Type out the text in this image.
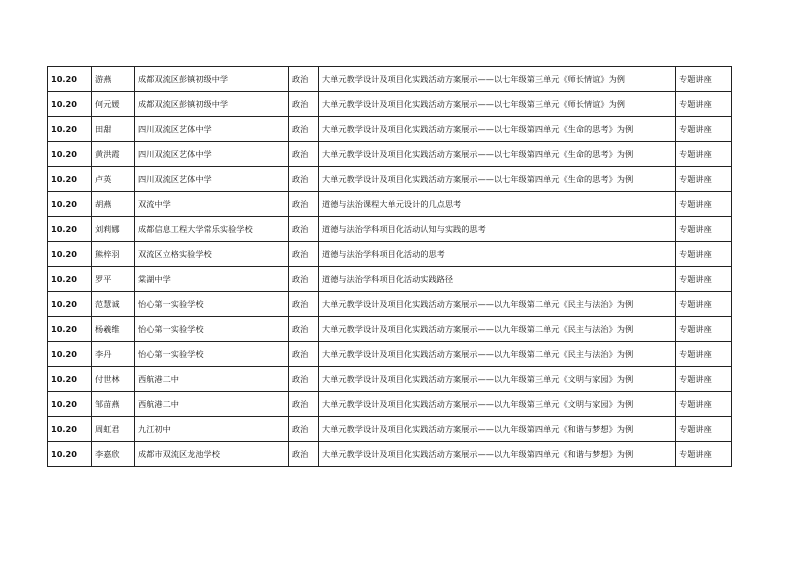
10.20	游燕	成都双流区彭镇初级中学	政治	大单元教学设计及项目化实践活动方案展示——以七年级第三单元《师长情谊》为例	专题讲座
10.20	何元媛	成都双流区彭镇初级中学	政治	大单元教学设计及项目化实践活动方案展示——以七年级第三单元《师长情谊》为例	专题讲座
10.20	田甜	四川双流区艺体中学	政治	大单元教学设计及项目化实践活动方案展示——以七年级第四单元《生命的思考》为例	专题讲座
10.20	黄洪霞	四川双流区艺体中学	政治	大单元教学设计及项目化实践活动方案展示——以七年级第四单元《生命的思考》为例	专题讲座
10.20	卢英	四川双流区艺体中学	政治	大单元教学设计及项目化实践活动方案展示——以七年级第四单元《生命的思考》为例	专题讲座
10.20	胡燕	双流中学	政治	道德与法治课程大单元设计的几点思考	专题讲座
10.20	刘莉娜	成都信息工程大学常乐实验学校	政治	道德与法治学科项目化活动认知与实践的思考	专题讲座
10.20	熊梓羽	双流区立格实验学校	政治	道德与法治学科项目化活动的思考	专题讲座
10.20	罗平	棠湖中学	政治	道德与法治学科项目化活动实践路径	专题讲座
10.20	范慧诚	怡心第一实验学校	政治	大单元教学设计及项目化实践活动方案展示——以九年级第二单元《民主与法治》为例	专题讲座
10.20	杨羲维	怡心第一实验学校	政治	大单元教学设计及项目化实践活动方案展示——以九年级第二单元《民主与法治》为例	专题讲座
10.20	李丹	怡心第一实验学校	政治	大单元教学设计及项目化实践活动方案展示——以九年级第二单元《民主与法治》为例	专题讲座
10.20	付世林	西航港二中	政治	大单元教学设计及项目化实践活动方案展示——以九年级第三单元《文明与家园》为例	专题讲座
10.20	邹苗燕	西航港二中	政治	大单元教学设计及项目化实践活动方案展示——以九年级第三单元《文明与家园》为例	专题讲座
10.20	周虹君	九江初中	政治	大单元教学设计及项目化实践活动方案展示——以九年级第四单元《和谐与梦想》为例	专题讲座
10.20	李嘉欣	成都市双流区龙池学校	政治	大单元教学设计及项目化实践活动方案展示——以九年级第四单元《和谐与梦想》为例	专题讲座
